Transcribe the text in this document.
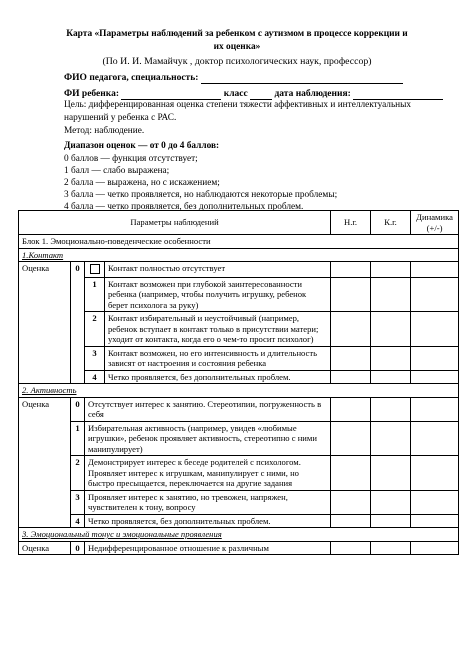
Карта «Параметры наблюдений за ребенком с аутизмом в процессе коррекции и
их оценка»
(По И. И. Мамайчук , доктор психологических наук, профессор)
ФИО педагога, специальность:
ФИ ребенка:	класс	дата наблюдения:
Цель: дифференцированная оценка степени тяжести аффективных и интеллектуальных нарушений у ребенка с РАС.
Метод: наблюдение.
Диапазон оценок — от 0 до 4 баллов:
0 баллов — функция отсутствует;
1 балл — слабо выражена;
2 балла — выражена, но с искажением;
3 балла — четко проявляется, но наблюдаются некоторые проблемы;
4 балла — четко проявляется, без дополнительных проблем.
Параметры наблюдений				Н.г.	К.г.	Динамика (+/-)
Блок 1. Эмоционально-поведенческие особенности						
1.Контакт						
Оценка	0		Контакт полностью отсутствует			
		1	Контакт возможен при глубокой заинтересованности ребенка (например, чтобы получить игрушку, ребенок берет психолога за руку)			
		2	Контакт избирательный и неустойчивый (например, ребенок вступает в контакт только в присутствии матери; уходит от контакта, когда его о чем-то просит психолог)			
		3	Контакт возможен, но его интенсивность и длительность зависят от настроения и состояния ребенка			
		4	Четко проявляется, без дополнительных проблем.			
2. Активность						
Оценка	0	Отсутствует интерес к занятию. Стереотипии, погруженность в себя				
	1	Избирательная активность (например, увидев «любимые игрушки», ребенок проявляет активность, стереотипно с ними манипулирует)				
	2	Демонстрирует интерес к беседе родителей с психологом. Проявляет интерес к игрушкам, манипулирует с ними, но быстро пресыщается, переключается на другие задания				
	3	Проявляет интерес к занятию, но тревожен, напряжен, чувствителен к тону, вопросу				
	4	Четко проявляется, без дополнительных проблем.				
3. Эмоциональный тонус и эмоциональные проявления						
Оценка	0	Недифференцированное отношение к различным				
